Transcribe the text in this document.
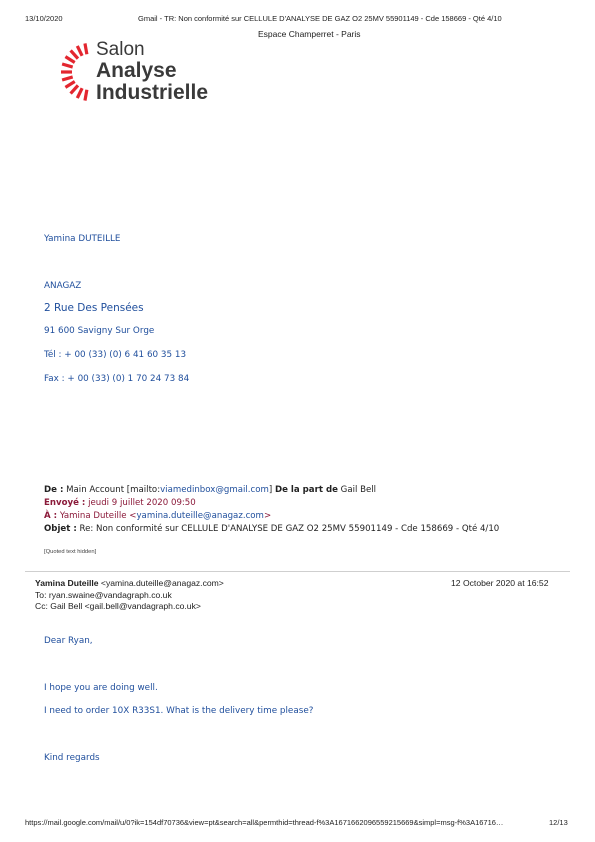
13/10/2020	Gmail - TR: Non conformité sur CELLULE D'ANALYSE DE GAZ O2 25MV 55901149 - Cde 158669 - Qté 4/10
Salon
Analyse
Industrielle
Espace Champerret - Paris
Yamina DUTEILLE
ANAGAZ
2 Rue Des Pensées
91 600 Savigny Sur Orge
Tél : + 00 (33) (0) 6 41 60 35 13
Fax : + 00 (33) (0) 1 70 24 73 84
De : Main Account [mailto:viamedinbox@gmail.com] De la part de Gail Bell
Envoyé : jeudi 9 juillet 2020 09:50
À : Yamina Duteille <yamina.duteille@anagaz.com>
Objet : Re: Non conformité sur CELLULE D'ANALYSE DE GAZ O2 25MV 55901149 - Cde 158669 - Qté 4/10
[Quoted text hidden]
Yamina Duteille <yamina.duteille@anagaz.com>	12 October 2020 at 16:52
To: ryan.swaine@vandagraph.co.uk
Cc: Gail Bell <gail.bell@vandagraph.co.uk>
Dear Ryan,
I hope you are doing well.
I need to order 10X R33S1. What is the delivery time please?
Kind regards
https://mail.google.com/mail/u/0?ik=154df70736&view=pt&search=all&permthid=thread-f%3A1671662096559215669&simpl=msg-f%3A16716…	12/13
